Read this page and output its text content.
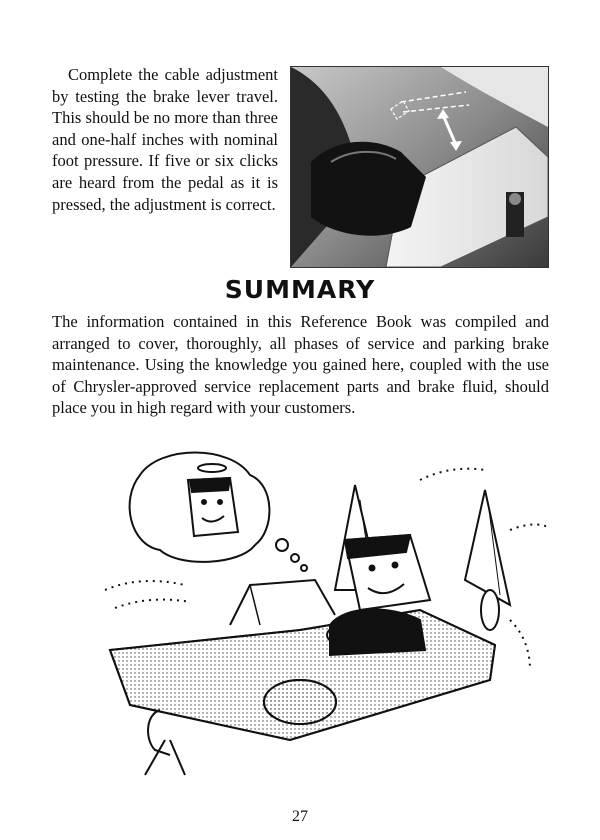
Complete the cable adjustment by testing the brake lever travel. This should be no more than three and one-half inches with nominal foot pressure. If five or six clicks are heard from the pedal as it is pressed, the adjustment is correct.

SUMMARY

The information contained in this Reference Book was compiled and arranged to cover, thoroughly, all phases of service and parking brake maintenance. Using the knowledge you gained here, coupled with the use of Chrysler-approved service replacement parts and brake fluid, should place you in high regard with your customers.

27
